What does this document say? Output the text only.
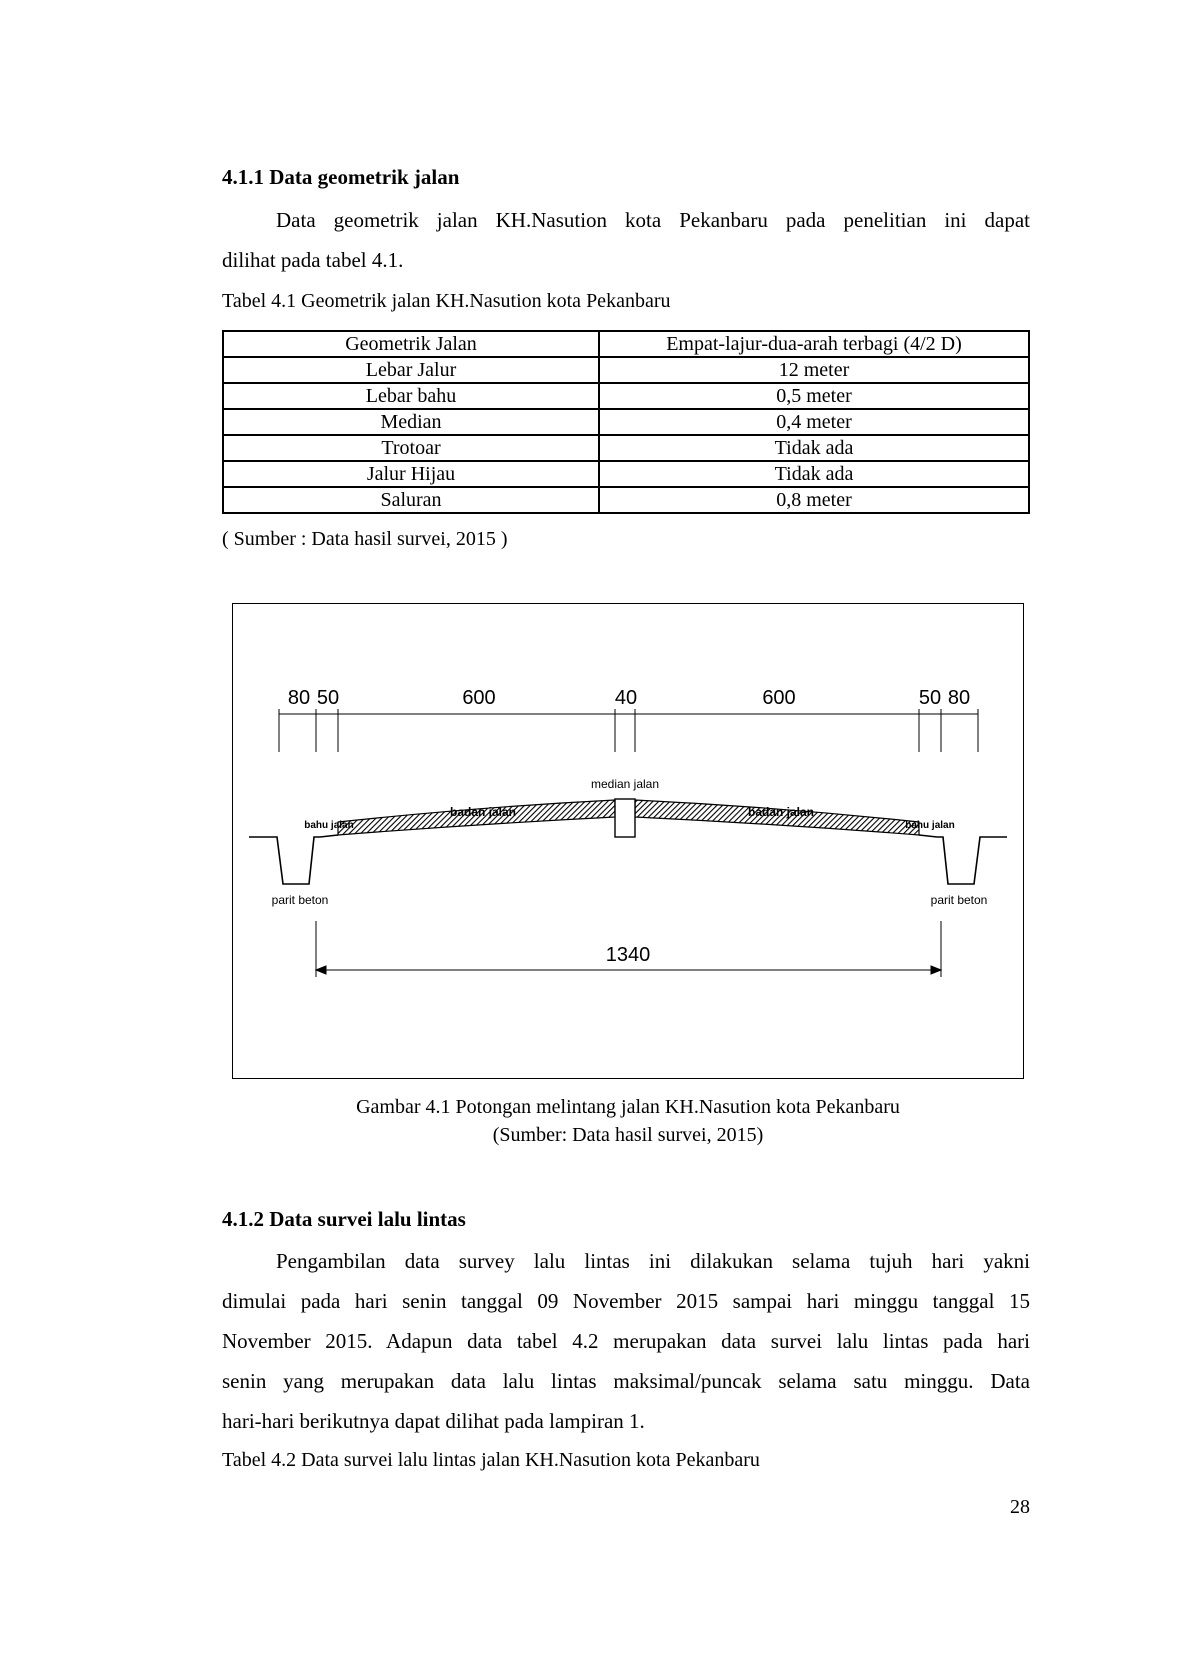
4.1.1 Data geometrik jalan
Data geometrik jalan KH.Nasution kota Pekanbaru pada penelitian ini dapat
dilihat pada tabel 4.1.
Tabel 4.1 Geometrik jalan KH.Nasution kota Pekanbaru
Geometrik Jalan	Empat-lajur-dua-arah terbagi (4/2 D)
Lebar Jalur	12 meter
Lebar bahu	0,5 meter
Median	0,4 meter
Trotoar	Tidak ada
Jalur Hijau	Tidak ada
Saluran	0,8 meter
( Sumber : Data hasil survei, 2015 )
80 50	600	40	600	50 80
median jalan
badan jalan	badan jalan
bahu jalan	bahu jalan
parit beton	parit beton
1340
Gambar 4.1 Potongan melintang jalan KH.Nasution kota Pekanbaru
(Sumber: Data hasil survei, 2015)
4.1.2 Data survei lalu lintas
Pengambilan data survey lalu lintas ini dilakukan selama tujuh hari yakni
dimulai pada hari senin tanggal 09 November 2015 sampai hari minggu tanggal 15
November 2015. Adapun data tabel 4.2 merupakan data survei lalu lintas pada hari
senin yang merupakan data lalu lintas maksimal/puncak selama satu minggu. Data
hari-hari berikutnya dapat dilihat pada lampiran 1.
Tabel 4.2 Data survei lalu lintas jalan KH.Nasution kota Pekanbaru
28
